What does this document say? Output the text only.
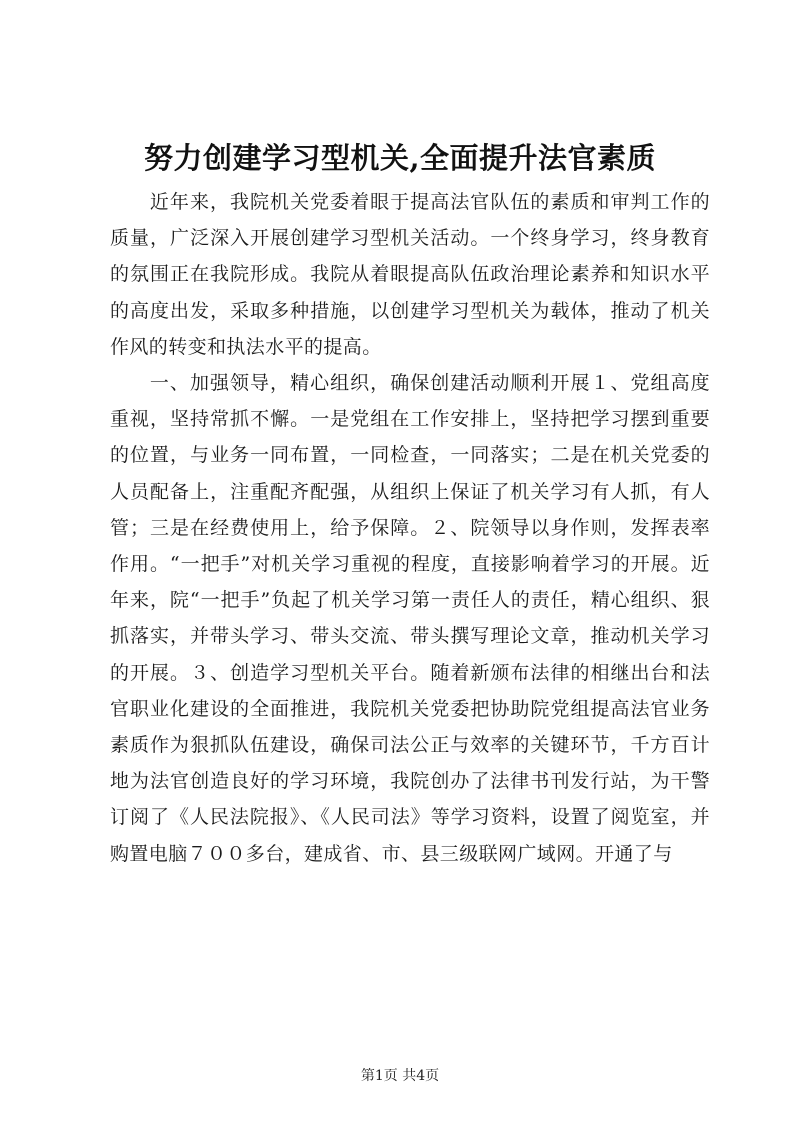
努力创建学习型机关,全面提升法官素质

近年来，我院机关党委着眼于提高法官队伍的素质和审判工作的质量，广泛深入开展创建学习型机关活动。一个终身学习，终身教育的氛围正在我院形成。我院从着眼提高队伍政治理论素养和知识水平的高度出发，采取多种措施，以创建学习型机关为载体，推动了机关作风的转变和执法水平的提高。

一、加强领导，精心组织，确保创建活动顺利开展１、党组高度重视，坚持常抓不懈。一是党组在工作安排上，坚持把学习摆到重要的位置，与业务一同布置，一同检查，一同落实；二是在机关党委的人员配备上，注重配齐配强，从组织上保证了机关学习有人抓，有人管；三是在经费使用上，给予保障。２、院领导以身作则，发挥表率作用。“一把手”对机关学习重视的程度，直接影响着学习的开展。近年来，院“一把手”负起了机关学习第一责任人的责任，精心组织、狠抓落实，并带头学习、带头交流、带头撰写理论文章，推动机关学习的开展。３、创造学习型机关平台。随着新颁布法律的相继出台和法官职业化建设的全面推进，我院机关党委把协助院党组提高法官业务素质作为狠抓队伍建设，确保司法公正与效率的关键环节，千方百计地为法官创造良好的学习环境，我院创办了法律书刊发行站，为干警订阅了《人民法院报》、《人民司法》等学习资料，设置了阅览室，并购置电脑７００多台，建成省、市、县三级联网广域网。开通了与

第1页 共4页
